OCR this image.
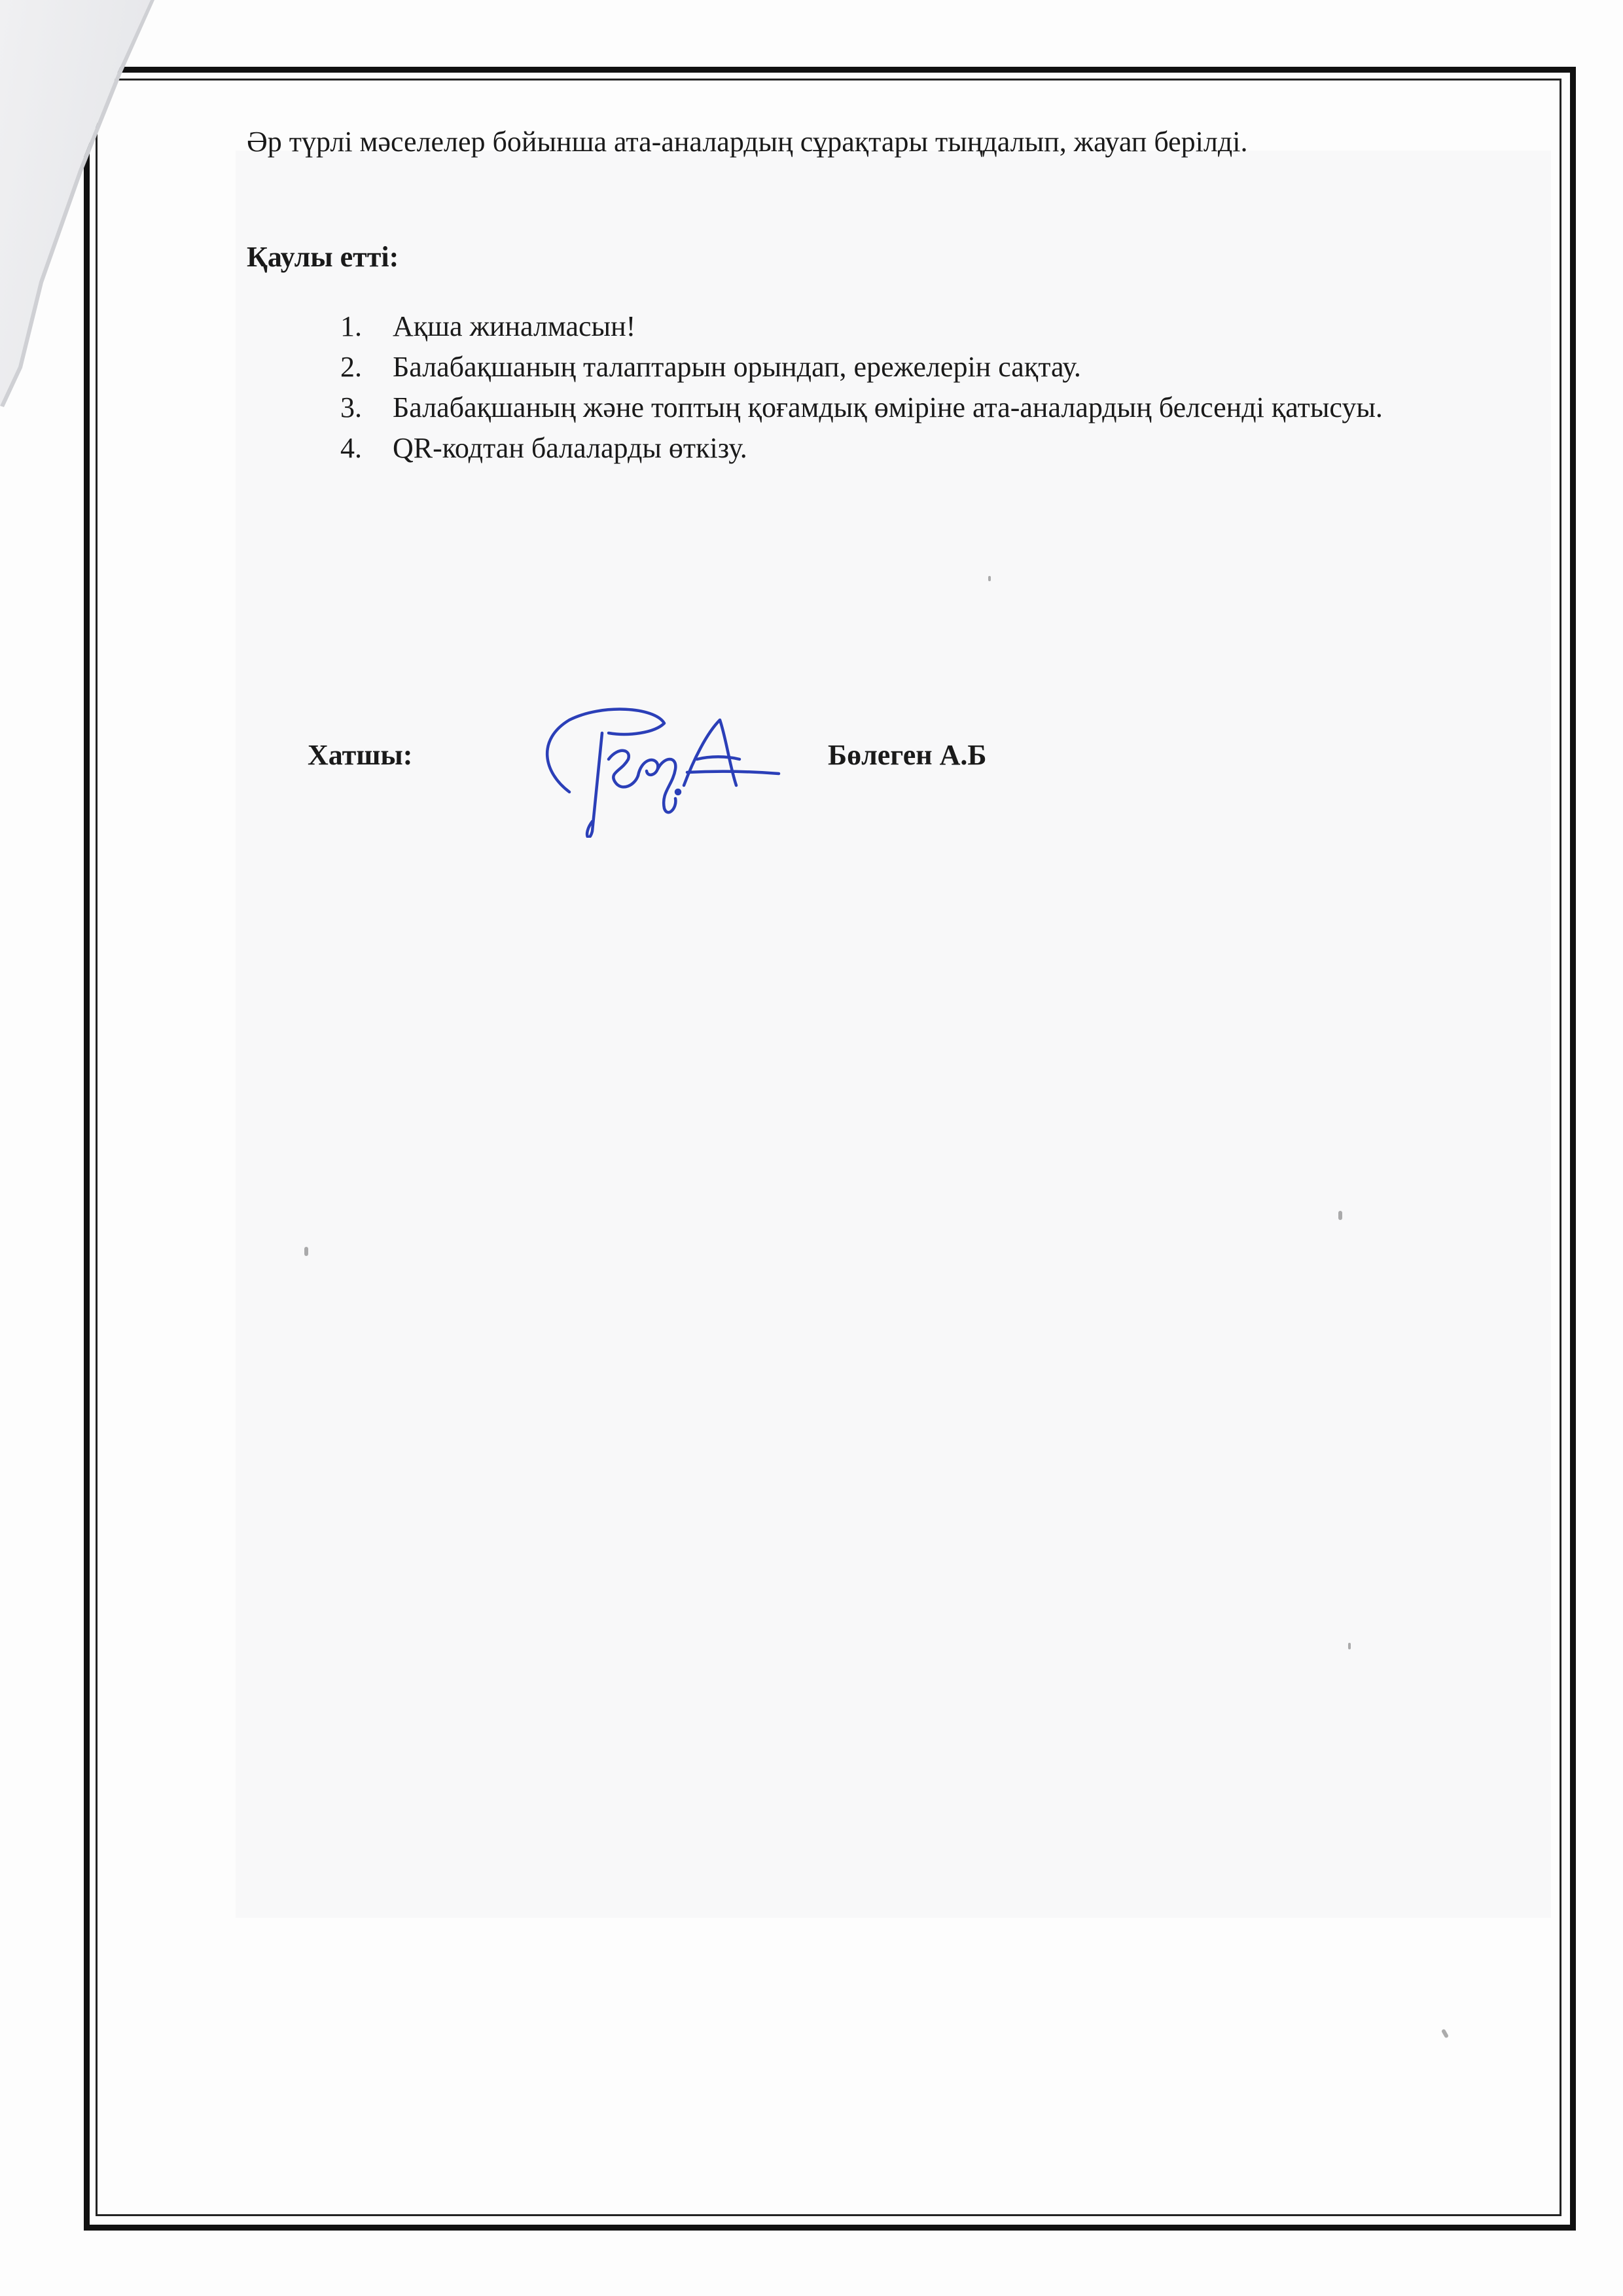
Әр түрлі мәселелер бойынша ата-аналардың сұрақтары тыңдалып, жауап берілді.
Қаулы етті:
1. Ақша жиналмасын!
2. Балабақшаның талаптарын орындап, ережелерін сақтау.
3. Балабақшаның және топтың қоғамдық өміріне ата-аналардың белсенді қатысуы.
4. QR-кодтан балаларды өткізу.
Хатшы:	Бөлеген А.Б
